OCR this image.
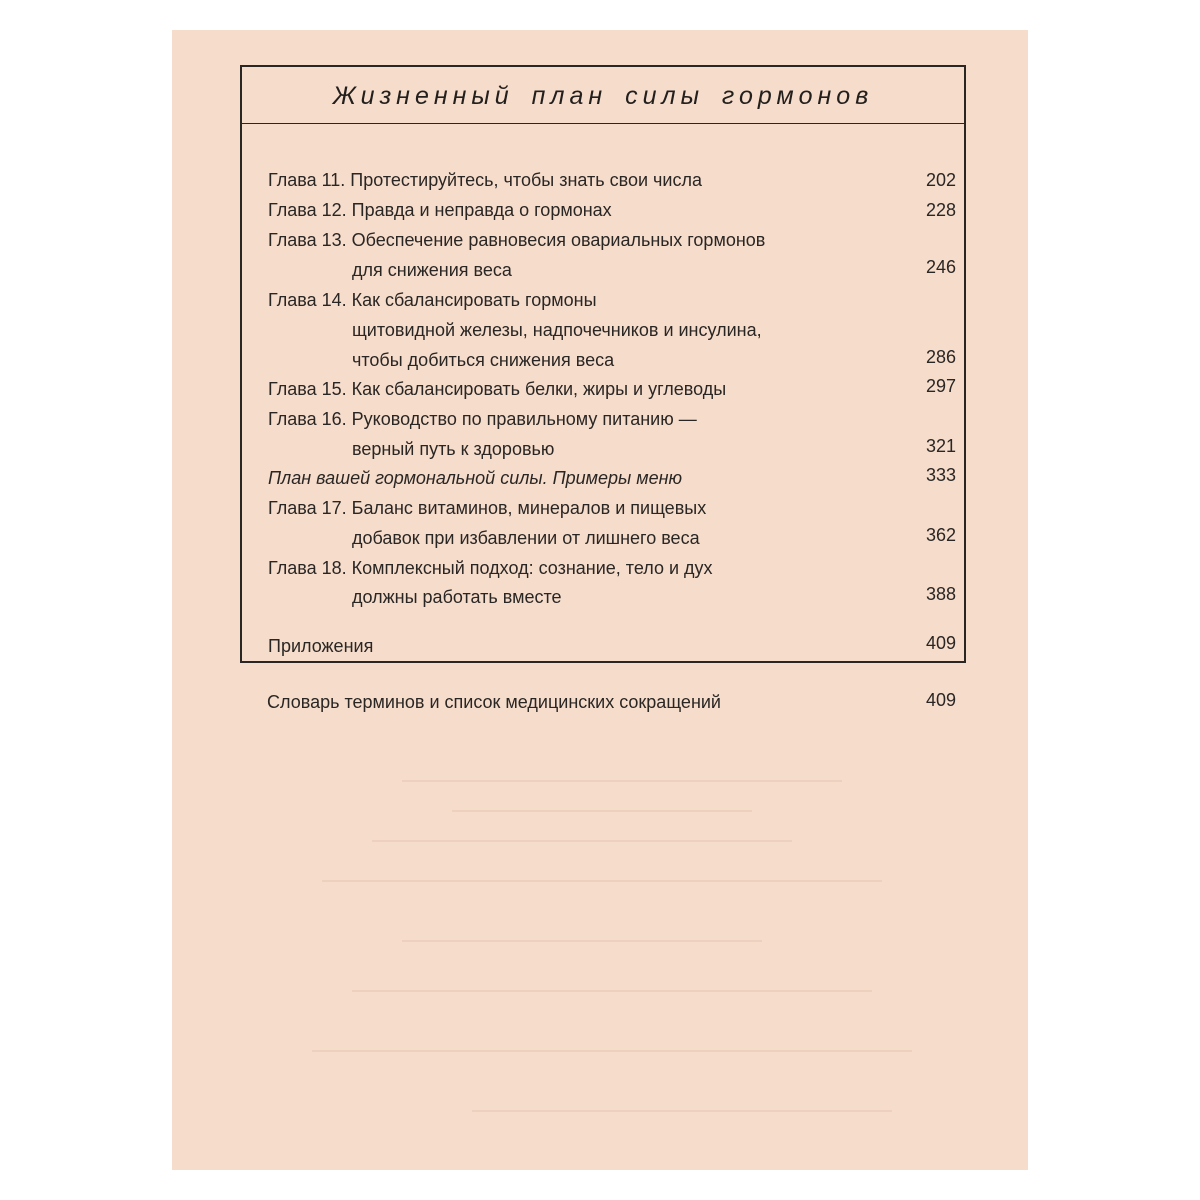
Жизненный план силы гормонов
Глава 11. Протестируйтесь, чтобы знать свои числа	202
Глава 12. Правда и неправда о гормонах	228
Глава 13. Обеспечение равновесия овариальных гормонов
для снижения веса	246
Глава 14. Как сбалансировать гормоны
щитовидной железы, надпочечников и инсулина,
чтобы добиться снижения веса	286
Глава 15. Как сбалансировать белки, жиры и углеводы	297
Глава 16. Руководство по правильному питанию —
верный путь к здоровью	321
План вашей гормональной силы. Примеры меню	333
Глава 17. Баланс витаминов, минералов и пищевых
добавок при избавлении от лишнего веса	362
Глава 18. Комплексный подход: сознание, тело и дух
должны работать вместе	388
Приложения	409
Словарь терминов и список медицинских сокращений	409
